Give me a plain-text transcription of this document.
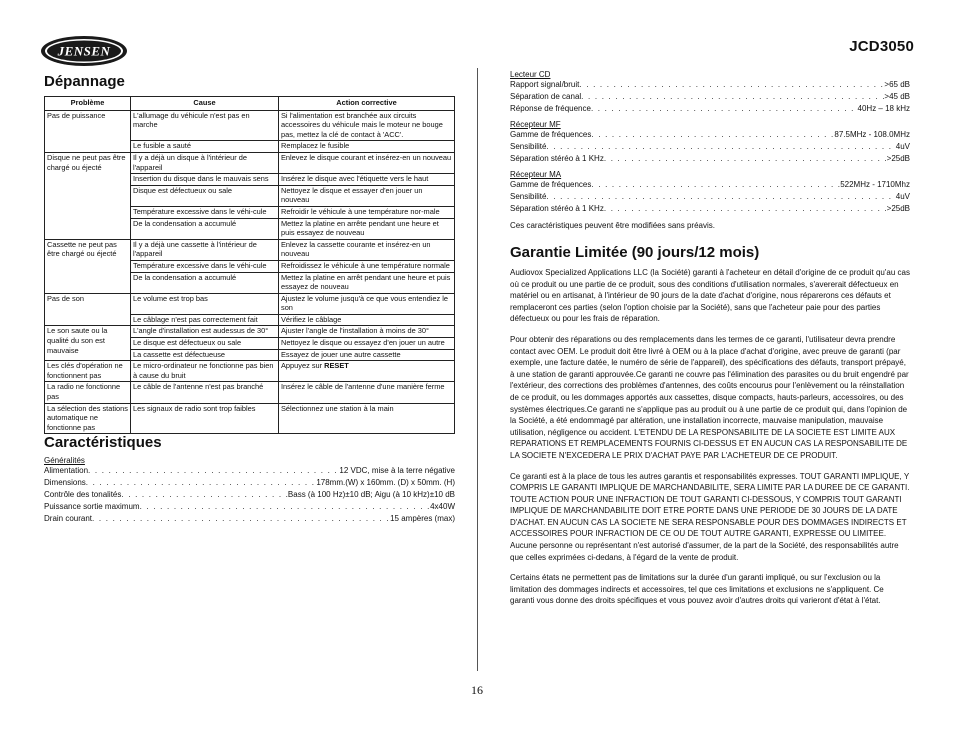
JENSEN	JCD3050
Dépannage
Problème	Cause	Action corrective
Pas de puissance	L'allumage du véhicule n'est pas en marche	Si l'alimentation est branchée aux circuits accessoires du véhicule mais le moteur ne bouge pas, mettez la clé de contact à 'ACC'.
	Le fusible a sauté	Remplacez le fusible
Disque ne peut pas être chargé ou éjecté	Il y a déjà un disque à l'intérieur de l'appareil	Enlevez le disque courant et insérez-en un nouveau
	Insertion du disque dans le mauvais sens	Insérez le disque avec l'étiquette vers le haut
	Disque est défectueux ou sale	Nettoyez le disque et essayer d'en jouer un nouveau
	Température excessive dans le véhi-cule	Refroidir le véhicule à une température nor-male
	De la condensation a accumulé	Mettez la platine en arrête pendant une heure et puis essayez de nouveau
Cassette ne peut pas être chargé ou éjecté	Il y a déjà une cassette à l'intérieur de l'appareil	Enlevez la cassette courante et insérez-en un nouveau
	Température excessive dans le véhi-cule	Refroidissez le véhicule à une température normale
	De la condensation a accumulé	Mettez la platine en arrêt pendant une heure et puis essayez de nouveau
Pas de son	Le volume est trop bas	Ajustez le volume jusqu'à ce que vous entendiez le son
	Le câblage n'est pas correctement fait	Vérifiez le câblage
Le son saute ou la qualité du son est mauvaise	L'angle d'installation est audessus de 30°	Ajuster l'angle de l'installation à moins de 30°
	Le disque est défectueux ou sale	Nettoyez le disque ou essayez d'en jouer un autre
	La cassette est défectueuse	Essayez de jouer une autre cassette
Les clés d'opération ne fonctionnent pas	Le micro-ordinateur ne fonctionne pas bien à cause du bruit	Appuyez sur RESET
La radio ne fonctionne pas	Le câble de l'antenne n'est pas branché	Insérez le câble de l'antenne d'une manière ferme
La sélection des stations automatique ne fonctionne pas	Les signaux de radio sont trop faibles	Sélectionnez une station à la main
Caractéristiques
Généralités
Alimentation . . .	12 VDC, mise à la terre négative
Dimensions . . .	178mm.(W) x 160mm. (D) x 50mm. (H)
Contrôle des tonalités . . .	Bass (à 100 Hz)±10 dB; Aigu (à 10 kHz)±10 dB
Puissance sortie maximum . . .	4x40W
Drain courant . . .	15 ampères (max)
Lecteur CD
Rapport signal/bruit . . .	>65 dB
Séparation de canal . . .	>45 dB
Réponse de fréquence . . .	40Hz – 18 kHz
Récepteur MF
Gamme de fréquences . . .	87.5MHz - 108.0MHz
Sensibilité . . .	4uV
Séparation stéréo à 1 KHz . . .	>25dB
Récepteur MA
Gamme de fréquences . . .	522MHz - 1710Mhz
Sensibilité . . .	4uV
Séparation stéréo à 1 KHz . . .	>25dB
Ces caractéristiques peuvent être modifiées sans préavis.
Garantie Limitée (90 jours/12 mois)

Audiovox Specialized Applications LLC (la Société) garanti à l'acheteur en détail d'origine de ce produit qu'au cas où ce produit ou une partie de ce produit, sous des conditions d'utilisation normales, s'avererait défectueux en matériel ou en artisanat, à l'intérieur de 90 jours de la date d'achat d'origine, nous réparerons ces défauts et remplaceront ces parties (selon l'option choisie par la Société), sans que l'acheteur paie pour des parties défectueux ou pour les frais de réparation.

Pour obtenir des réparations ou des remplacements dans les termes de ce garanti, l'utilisateur devra prendre contact avec OEM. Le produit doit être livré à OEM ou à la place d'achat d'origine, avec preuve de garanti (par exemple, une facture datée, le numéro de série de l'appareil), des spécifications des défauts, transport prépayé, à une station de garanti approuvée.Ce garanti ne couvre pas l'élimination des parasites ou du bruit engendré par l'extérieur, des corrections des problèmes d'antennes, des coûts encourus pour l'enlèvement ou la réinstallation de ce produit, ou les dommages apportés aux cassettes, disque compacts, hauts-parleurs, accessoires, ou des systèmes électriques.Ce garanti ne s'applique pas au produit ou à une partie de ce produit qui, dans l'opinion de la Société, a été endommagé par altération, une installation incorrecte, mauvaise manipulation, mauvaise utilisation, négligence ou accident. L'ETENDU DE LA RESPONSABILITE DE LA SOCIETE EST LIMITE AUX REPARATIONS ET REMPLACEMENTS FOURNIS CI-DESSUS ET EN AUCUN CAS LA RESPONSABILITE DE LA SOCIETE N'EXCEDERA LE PRIX D'ACHAT PAYE PAR L'ACHETEUR DE CE PRODUIT.

Ce garanti est à la place de tous les autres garantis et responsabilités expresses. TOUT GARANTI IMPLIQUE, Y COMPRIS LE GARANTI IMPLIQUE DE MARCHANDABILITE, SERA LIMITE PAR LA DUREE DE CE GARANTI. TOUTE ACTION POUR UNE INFRACTION DE TOUT GARANTI CI-DESSOUS, Y COMPRIS TOUT GARANTI IMPLIQUE DE MARCHANDABILITE DOIT ETRE PORTE DANS UNE PERIODE DE 30 JOURS DE LA DATE D'ACHAT. EN AUCUN CAS LA SOCIETE NE SERA RESPONSABLE POUR DES DOMMAGES INDIRECTS ET ACCESSOIRES POUR INFRACTION DE CE OU DE TOUT AUTRE GARANTI, EXPRESSE OU LIMITEE. Aucune personne ou représentant n'est autorisé d'assumer, de la part de la Société, des responsabilités autre que celles exprimées ci-dedans, à l'égard de la vente de produit.

Certains états ne permettent pas de limitations sur la durée d'un garanti impliqué, ou sur l'exclusion ou la limitation des dommages indirects et accessoires, tel que ces limitations et exclusions ne s'appliquent. Ce garanti vous donne des droits spécifiques et vous pouvez avoir d'autres droits qui varieront d'état à l'état.

16
